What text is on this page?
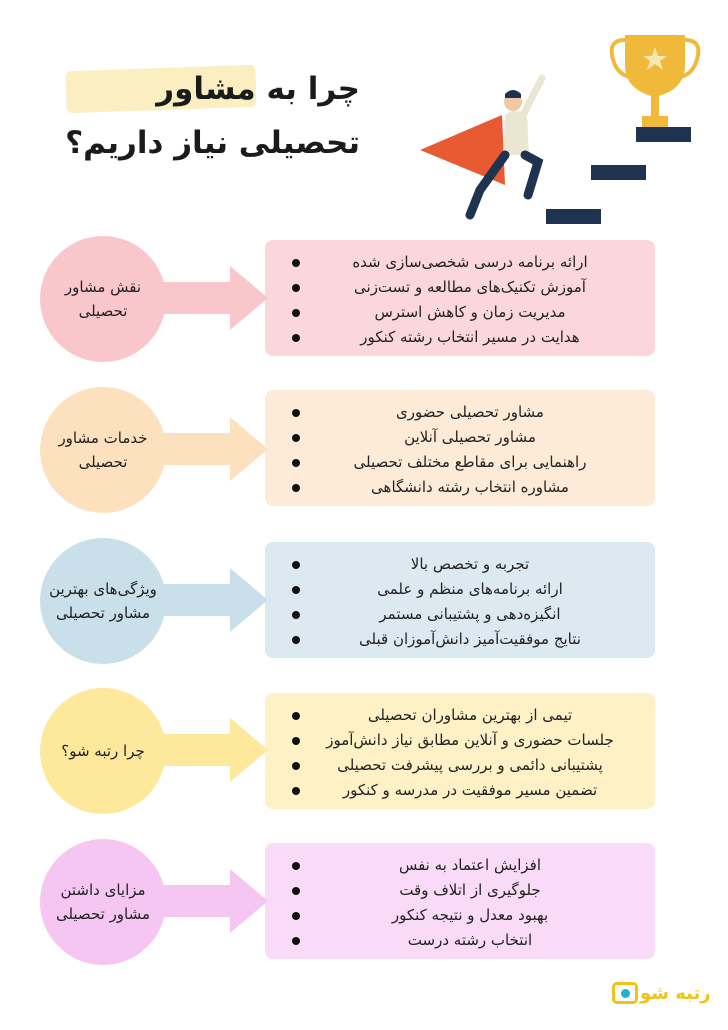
چرا به مشاور
تحصیلی نیاز داریم؟
نقش مشاور تحصیلی
ارائه برنامه درسی شخصی‌سازی شده
آموزش تکنیک‌های مطالعه و تست‌زنی
مدیریت زمان و کاهش استرس
هدایت در مسیر انتخاب رشته کنکور
خدمات مشاور تحصیلی
مشاور تحصیلی حضوری
مشاور تحصیلی آنلاین
راهنمایی برای مقاطع مختلف تحصیلی
مشاوره انتخاب رشته دانشگاهی
ویژگی‌های بهترین مشاور تحصیلی
تجربه و تخصص بالا
ارائه برنامه‌های منظم و علمی
انگیزه‌دهی و پشتیبانی مستمر
نتایج موفقیت‌آمیز دانش‌آموزان قبلی
چرا رتبه شو؟
تیمی از بهترین مشاوران تحصیلی
جلسات حضوری و آنلاین مطابق نیاز دانش‌آموز
پشتیبانی دائمی و بررسی پیشرفت تحصیلی
تضمین مسیر موفقیت در مدرسه و کنکور
مزایای داشتن مشاور تحصیلی
افزایش اعتماد به نفس
جلوگیری از اتلاف وقت
بهبود معدل و نتیجه کنکور
انتخاب رشته درست
رتبه شو
